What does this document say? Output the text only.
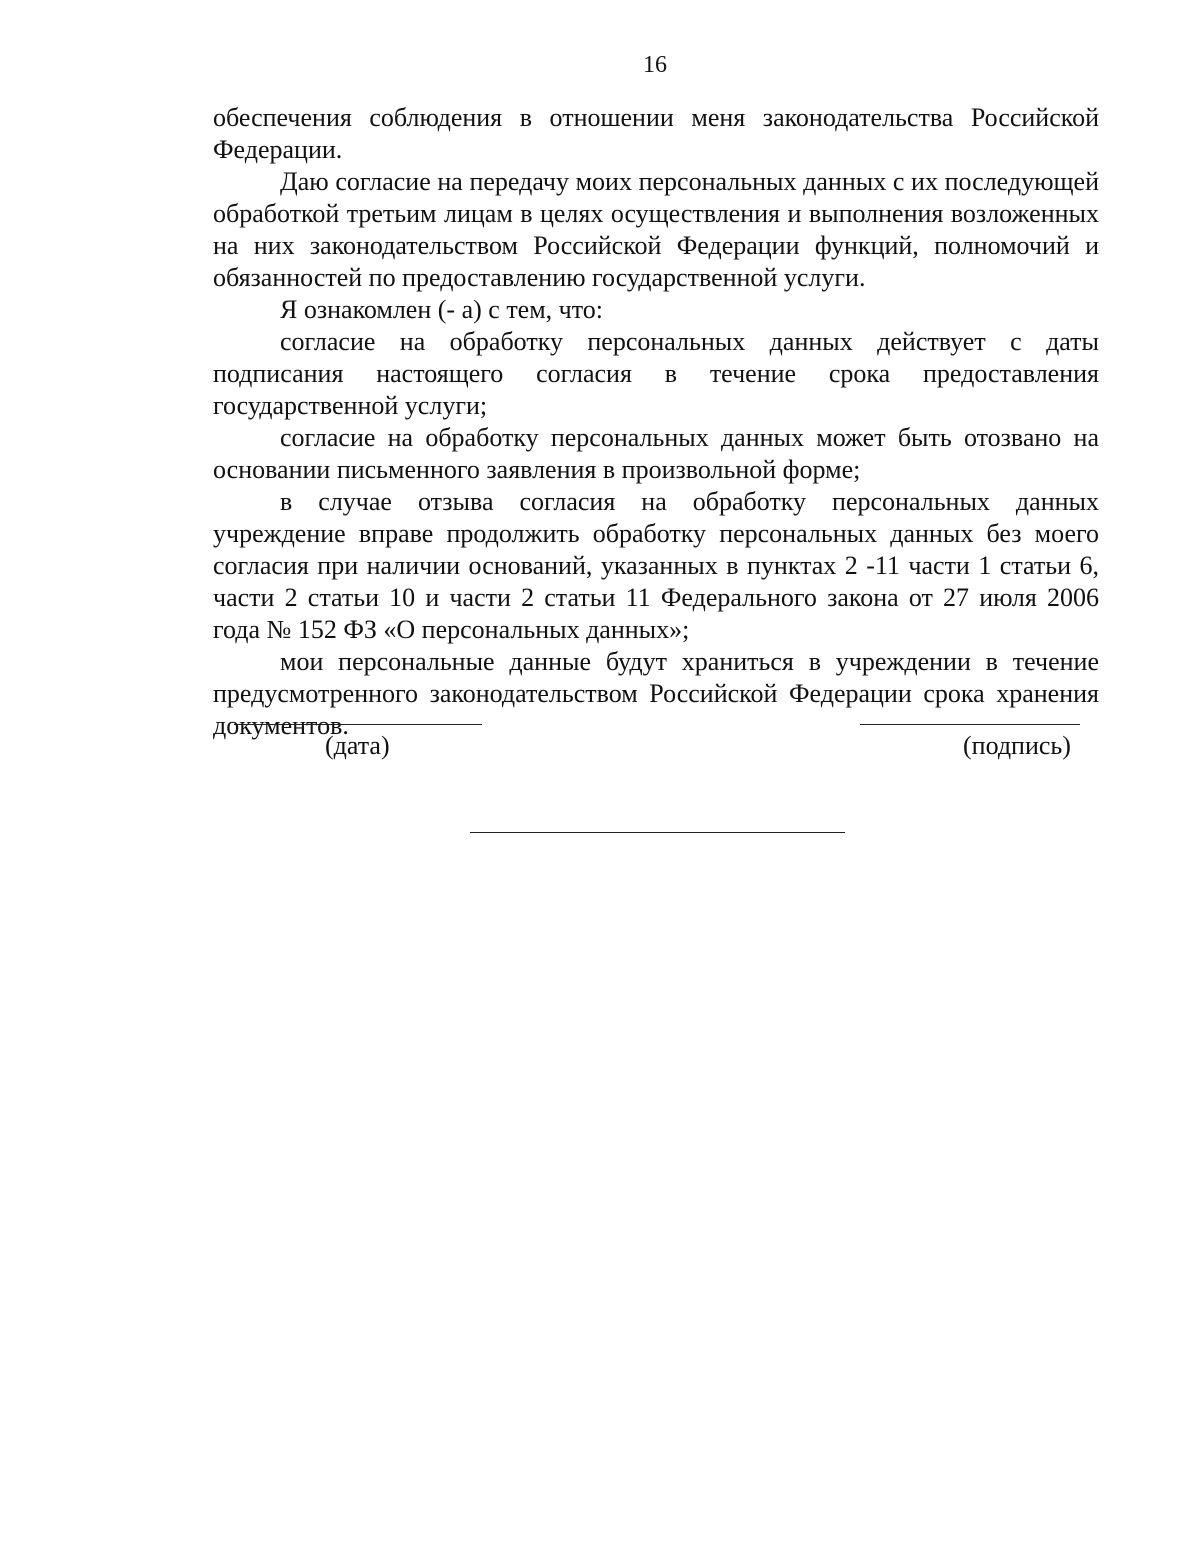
16

обеспечения соблюдения в отношении меня законодательства Российской Федерации.

Даю согласие на передачу моих персональных данных с их последующей обработкой третьим лицам в целях осуществления и выполнения возложенных на них законодательством Российской Федерации функций, полномочий и обязанностей по предоставлению государственной услуги.

Я ознакомлен (- а) с тем, что:

согласие на обработку персональных данных действует с даты подписания настоящего согласия в течение срока предоставления государственной услуги;

согласие на обработку персональных данных может быть отозвано на основании письменного заявления в произвольной форме;

в случае отзыва согласия на обработку персональных данных учреждение вправе продолжить обработку персональных данных без моего согласия при наличии оснований, указанных в пунктах 2 -11 части 1 статьи 6, части 2 статьи 10 и части 2 статьи 11 Федерального закона от 27 июля 2006 года № 152 ФЗ «О персональных данных»;

мои персональные данные будут храниться в учреждении в течение предусмотренного законодательством Российской Федерации срока хранения документов.

(дата)	(подпись)
